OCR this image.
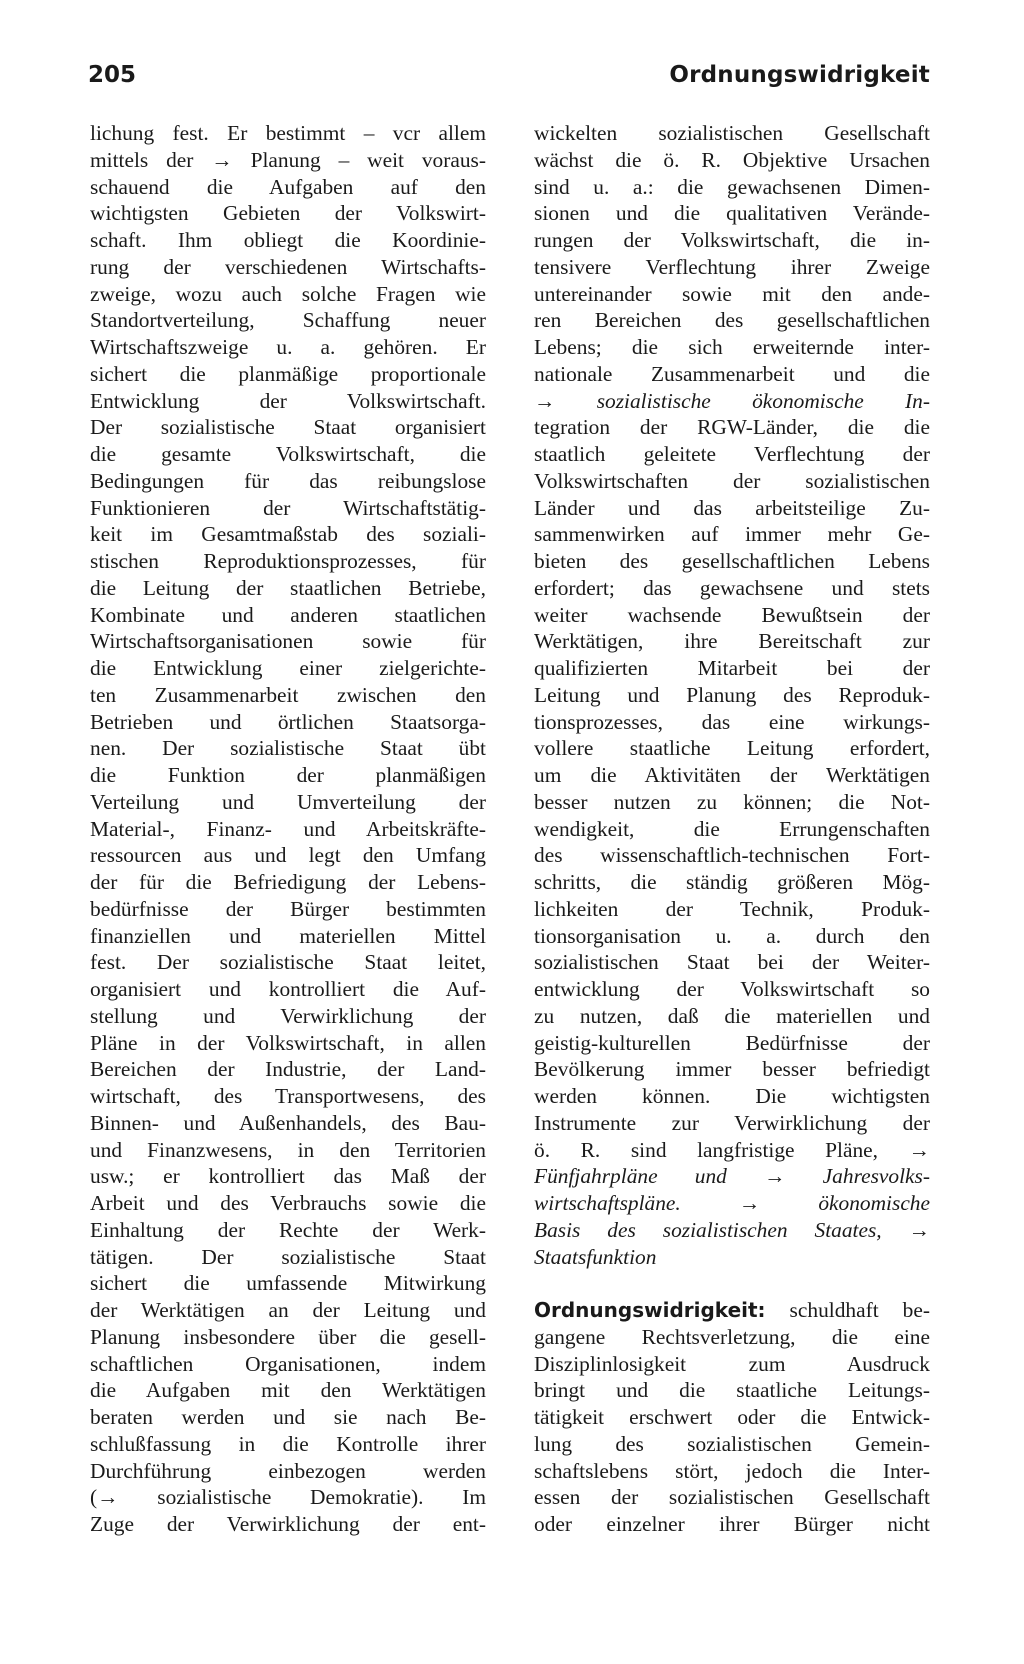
205	Ordnungswidrigkeit
lichung fest. Er bestimmt – vcr allem
mittels der → Planung – weit voraus-
schauend die Aufgaben auf den
wichtigsten Gebieten der Volkswirt-
schaft. Ihm obliegt die Koordinie-
rung der verschiedenen Wirtschafts-
zweige, wozu auch solche Fragen wie
Standortverteilung, Schaffung neuer
Wirtschaftszweige u. a. gehören. Er
sichert die planmäßige proportionale
Entwicklung der Volkswirtschaft.
Der sozialistische Staat organisiert
die gesamte Volkswirtschaft, die
Bedingungen für das reibungslose
Funktionieren der Wirtschaftstätig-
keit im Gesamtmaßstab des soziali-
stischen Reproduktionsprozesses, für
die Leitung der staatlichen Betriebe,
Kombinate und anderen staatlichen
Wirtschaftsorganisationen sowie für
die Entwicklung einer zielgerichte-
ten Zusammenarbeit zwischen den
Betrieben und örtlichen Staatsorga-
nen. Der sozialistische Staat übt
die Funktion der planmäßigen
Verteilung und Umverteilung der
Material-, Finanz- und Arbeitskräfte-
ressourcen aus und legt den Umfang
der für die Befriedigung der Lebens-
bedürfnisse der Bürger bestimmten
finanziellen und materiellen Mittel
fest. Der sozialistische Staat leitet,
organisiert und kontrolliert die Auf-
stellung und Verwirklichung der
Pläne in der Volkswirtschaft, in allen
Bereichen der Industrie, der Land-
wirtschaft, des Transportwesens, des
Binnen- und Außenhandels, des Bau-
und Finanzwesens, in den Territorien
usw.; er kontrolliert das Maß der
Arbeit und des Verbrauchs sowie die
Einhaltung der Rechte der Werk-
tätigen. Der sozialistische Staat
sichert die umfassende Mitwirkung
der Werktätigen an der Leitung und
Planung insbesondere über die gesell-
schaftlichen Organisationen, indem
die Aufgaben mit den Werktätigen
beraten werden und sie nach Be-
schlußfassung in die Kontrolle ihrer
Durchführung einbezogen werden
(→ sozialistische Demokratie). Im
Zuge der Verwirklichung der ent-
wickelten sozialistischen Gesellschaft
wächst die ö. R. Objektive Ursachen
sind u. a.: die gewachsenen Dimen-
sionen und die qualitativen Verände-
rungen der Volkswirtschaft, die in-
tensivere Verflechtung ihrer Zweige
untereinander sowie mit den ande-
ren Bereichen des gesellschaftlichen
Lebens; die sich erweiternde inter-
nationale Zusammenarbeit und die
→ sozialistische ökonomische In-
tegration der RGW-Länder, die die
staatlich geleitete Verflechtung der
Volkswirtschaften der sozialistischen
Länder und das arbeitsteilige Zu-
sammenwirken auf immer mehr Ge-
bieten des gesellschaftlichen Lebens
erfordert; das gewachsene und stets
weiter wachsende Bewußtsein der
Werktätigen, ihre Bereitschaft zur
qualifizierten Mitarbeit bei der
Leitung und Planung des Reproduk-
tionsprozesses, das eine wirkungs-
vollere staatliche Leitung erfordert,
um die Aktivitäten der Werktätigen
besser nutzen zu können; die Not-
wendigkeit, die Errungenschaften
des wissenschaftlich-technischen Fort-
schritts, die ständig größeren Mög-
lichkeiten der Technik, Produk-
tionsorganisation u. a. durch den
sozialistischen Staat bei der Weiter-
entwicklung der Volkswirtschaft so
zu nutzen, daß die materiellen und
geistig-kulturellen Bedürfnisse der
Bevölkerung immer besser befriedigt
werden können. Die wichtigsten
Instrumente zur Verwirklichung der
ö. R. sind langfristige Pläne, →
Fünfjahrpläne und → Jahresvolks-
wirtschaftspläne. → ökonomische
Basis des sozialistischen Staates, →
Staatsfunktion
Ordnungswidrigkeit: schuldhaft be-
gangene Rechtsverletzung, die eine
Disziplinlosigkeit zum Ausdruck
bringt und die staatliche Leitungs-
tätigkeit erschwert oder die Entwick-
lung des sozialistischen Gemein-
schaftslebens stört, jedoch die Inter-
essen der sozialistischen Gesellschaft
oder einzelner ihrer Bürger nicht
